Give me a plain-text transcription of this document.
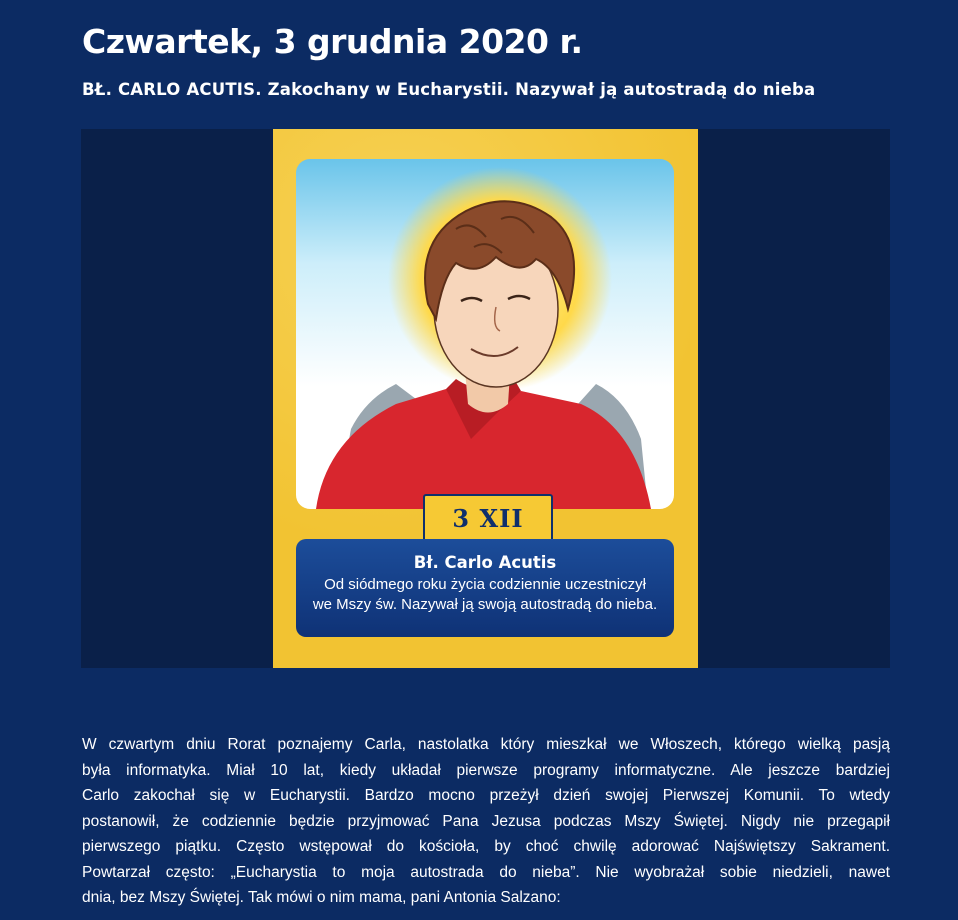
Czwartek, 3 grudnia 2020 r.
BŁ. CARLO ACUTIS. Zakochany w Eucharystii. Nazywał ją autostradą do nieba
3 XII
Bł. Carlo Acutis
Od siódmego roku życia codziennie uczestniczył
we Mszy św. Nazywał ją swoją autostradą do nieba.
W czwartym dniu Rorat poznajemy Carla, nastolatka który mieszkał we Włoszech, którego wielką pasją
była informatyka. Miał 10 lat, kiedy układał pierwsze programy informatyczne. Ale jeszcze bardziej
Carlo zakochał się w Eucharystii. Bardzo mocno przeżył dzień swojej Pierwszej Komunii. To wtedy
postanowił, że codziennie będzie przyjmować Pana Jezusa podczas Mszy Świętej. Nigdy nie przegapił
pierwszego piątku. Często wstępował do kościoła, by choć chwilę adorować Najświętszy Sakrament.
Powtarzał często: „Eucharystia to moja autostrada do nieba”. Nie wyobrażał sobie niedzieli, nawet
dnia, bez Mszy Świętej. Tak mówi o nim mama, pani Antonia Salzano:
